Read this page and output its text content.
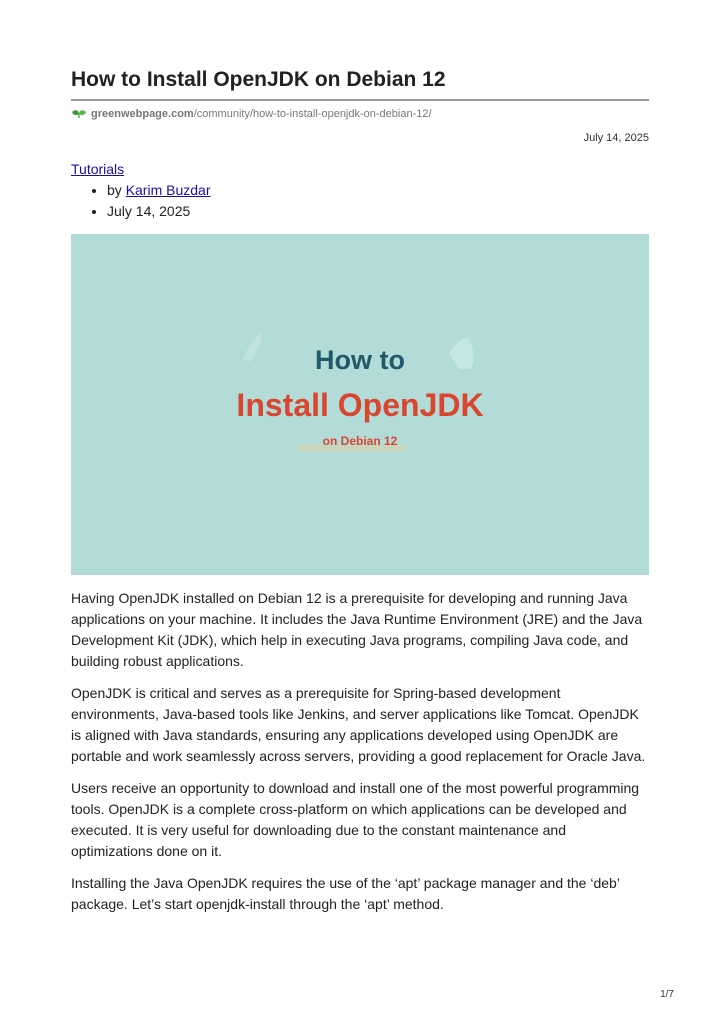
How to Install OpenJDK on Debian 12
greenwebpage.com /community/how-to-install-openjdk-on-debian-12/
July 14, 2025
Tutorials
• by Karim Buzdar
• July 14, 2025
How to
Install OpenJDK
on Debian 12

Having OpenJDK installed on Debian 12 is a prerequisite for developing and running Java applications on your machine. It includes the Java Runtime Environment (JRE) and the Java Development Kit (JDK), which help in executing Java programs, compiling Java code, and building robust applications.

OpenJDK is critical and serves as a prerequisite for Spring-based development environments, Java-based tools like Jenkins, and server applications like Tomcat. OpenJDK is aligned with Java standards, ensuring any applications developed using OpenJDK are portable and work seamlessly across servers, providing a good replacement for Oracle Java.

Users receive an opportunity to download and install one of the most powerful programming tools. OpenJDK is a complete cross-platform on which applications can be developed and executed. It is very useful for downloading due to the constant maintenance and optimizations done on it.

Installing the Java OpenJDK requires the use of the ‘apt’ package manager and the ‘deb’ package. Let’s start openjdk-install through the ‘apt’ method.

1/7
